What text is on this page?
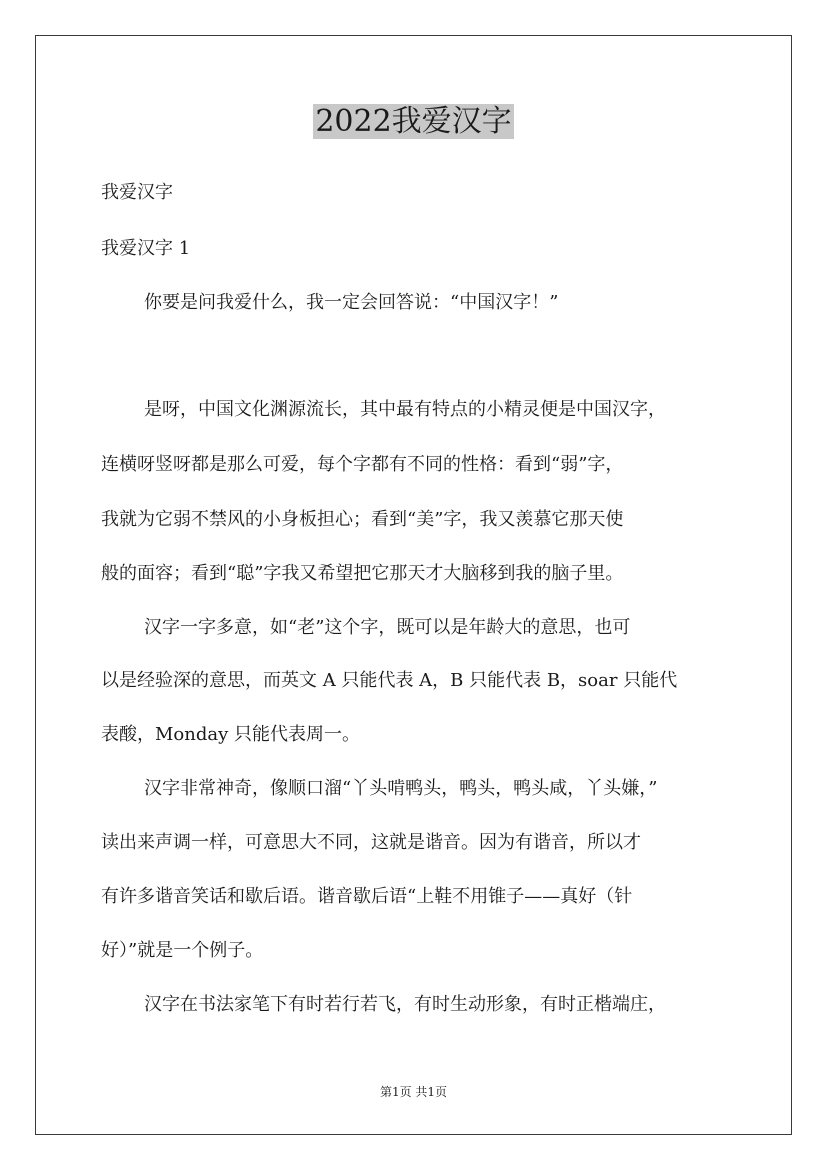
2022我爱汉字

我爱汉字

我爱汉字 1

你要是问我爱什么，我一定会回答说：“中国汉字！”

是呀，中国文化渊源流长，其中最有特点的小精灵便是中国汉字，

连横呀竖呀都是那么可爱，每个字都有不同的性格：看到“弱”字，

我就为它弱不禁风的小身板担心；看到“美”字，我又羡慕它那天使

般的面容；看到“聪”字我又希望把它那天才大脑移到我的脑子里。

汉字一字多意，如“老”这个字，既可以是年龄大的意思，也可

以是经验深的意思，而英文 A 只能代表 A，B 只能代表 B，soar 只能代

表酸，Monday 只能代表周一。

汉字非常神奇，像顺口溜“丫头啃鸭头，鸭头，鸭头咸，丫头嫌，”

读出来声调一样，可意思大不同，这就是谐音。因为有谐音，所以才

有许多谐音笑话和歇后语。谐音歇后语“上鞋不用锥子——真好（针

好）”就是一个例子。

汉字在书法家笔下有时若行若飞，有时生动形象，有时正楷端庄，

第1页 共1页
